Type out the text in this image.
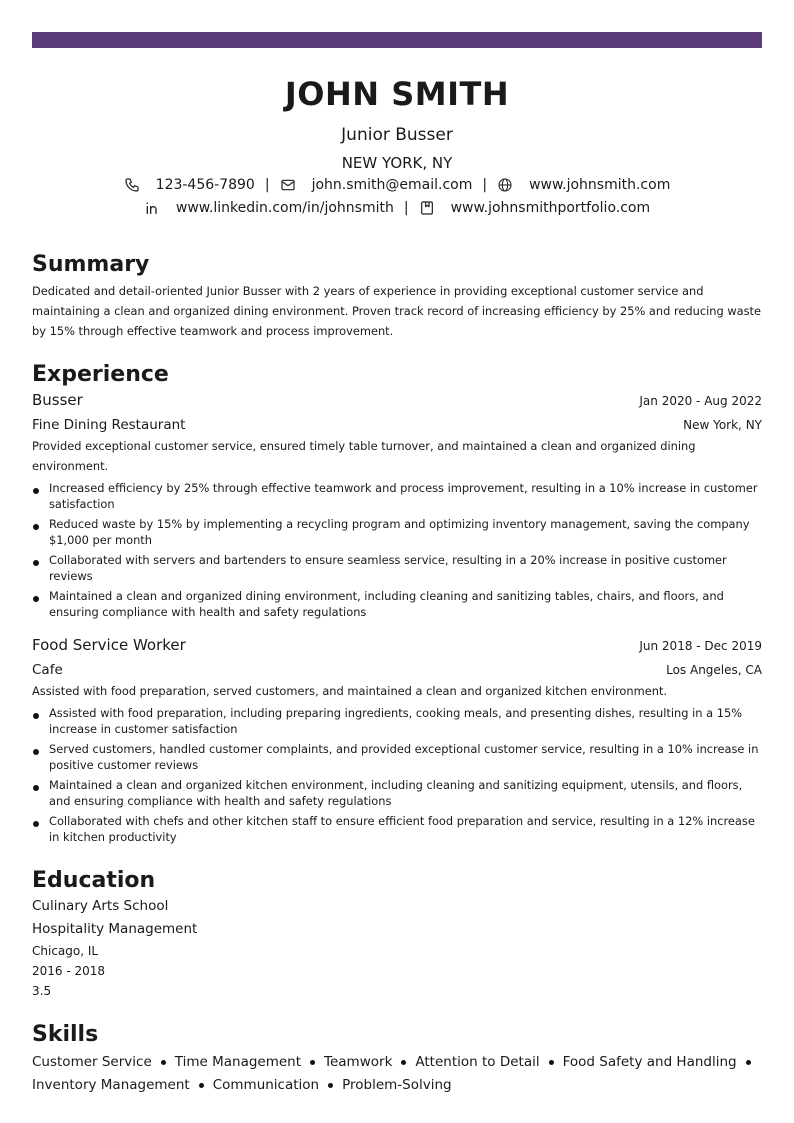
JOHN SMITH
Junior Busser
NEW YORK, NY
123-456-7890 |	john.smith@email.com |	www.johnsmith.com
www.linkedin.com/in/johnsmith |	www.johnsmithportfolio.com
Summary
Dedicated and detail-oriented Junior Busser with 2 years of experience in providing exceptional customer service and maintaining a clean and organized dining environment. Proven track record of increasing efficiency by 25% and reducing waste by 15% through effective teamwork and process improvement.
Experience
Busser	Jan 2020 - Aug 2022
Fine Dining Restaurant	New York, NY
Provided exceptional customer service, ensured timely table turnover, and maintained a clean and organized dining environment.
Increased efficiency by 25% through effective teamwork and process improvement, resulting in a 10% increase in customer satisfaction
Reduced waste by 15% by implementing a recycling program and optimizing inventory management, saving the company $1,000 per month
Collaborated with servers and bartenders to ensure seamless service, resulting in a 20% increase in positive customer reviews
Maintained a clean and organized dining environment, including cleaning and sanitizing tables, chairs, and floors, and ensuring compliance with health and safety regulations
Food Service Worker	Jun 2018 - Dec 2019
Cafe	Los Angeles, CA
Assisted with food preparation, served customers, and maintained a clean and organized kitchen environment.
Assisted with food preparation, including preparing ingredients, cooking meals, and presenting dishes, resulting in a 15% increase in customer satisfaction
Served customers, handled customer complaints, and provided exceptional customer service, resulting in a 10% increase in positive customer reviews
Maintained a clean and organized kitchen environment, including cleaning and sanitizing equipment, utensils, and floors, and ensuring compliance with health and safety regulations
Collaborated with chefs and other kitchen staff to ensure efficient food preparation and service, resulting in a 12% increase in kitchen productivity
Education
Culinary Arts School
Hospitality Management
Chicago, IL
2016 - 2018
3.5
Skills
Customer Service Time Management Teamwork Attention to Detail Food Safety and Handling
Inventory Management Communication Problem-Solving
